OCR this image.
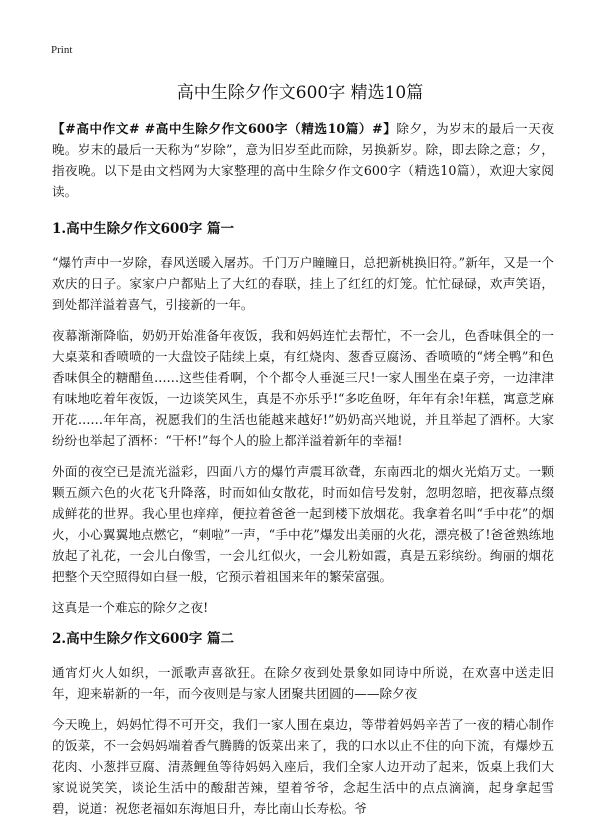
Print
高中生除夕作文600字 精选10篇

【#高中作文# #高中生除夕作文600字（精选10篇）#】除夕，为岁末的最后一天夜晚。岁末的最后一天称为“岁除”，意为旧岁至此而除，另换新岁。除，即去除之意；夕，指夜晚。以下是由文档网为大家整理的高中生除夕作文600字（精选10篇），欢迎大家阅读。

1.高中生除夕作文600字 篇一

“爆竹声中一岁除，春风送暖入屠苏。千门万户瞳瞳日，总把新桃换旧符。”新年，又是一个欢庆的日子。家家户户都贴上了大红的春联，挂上了红红的灯笼。忙忙碌碌，欢声笑语，到处都洋溢着喜气，引接新的一年。

夜幕渐渐降临，奶奶开始准备年夜饭，我和妈妈连忙去帮忙，不一会儿，色香味俱全的一大桌菜和香喷喷的一大盘饺子陆续上桌，有红烧肉、葱香豆腐汤、香喷喷的“烤全鸭”和色香味俱全的糖醋鱼……这些佳肴啊，个个都令人垂涎三尺!一家人围坐在桌子旁，一边津津有味地吃着年夜饭，一边谈笑风生，真是不亦乐乎!“多吃鱼呀，年年有余!年糕，寓意芝麻开花……年年高，祝愿我们的生活也能越来越好!”奶奶高兴地说，并且举起了酒杯。大家纷纷也举起了酒杯：“干杯!”每个人的脸上都洋溢着新年的幸福!

外面的夜空已是流光溢彩，四面八方的爆竹声震耳欲聋，东南西北的烟火光焰万丈。一颗颗五颜六色的火花飞升降落，时而如仙女散花，时而如信号发射，忽明忽暗，把夜幕点缀成鲜花的世界。我心里也痒痒，便拉着爸爸一起到楼下放烟花。我拿着名叫“手中花”的烟火，小心翼翼地点燃它，“刺啦”一声，“手中花”爆发出美丽的火花，漂亮极了!爸爸熟练地放起了礼花，一会儿白像雪，一会儿红似火，一会儿粉如霞，真是五彩缤纷。绚丽的烟花把整个天空照得如白昼一般，它预示着祖国来年的繁荣富强。

这真是一个难忘的除夕之夜!

2.高中生除夕作文600字 篇二

通宵灯火人如织，一派歌声喜欲狂。在除夕夜到处景象如同诗中所说，在欢喜中送走旧年，迎来崭新的一年，而今夜则是与家人团聚共团圆的——除夕夜

今天晚上，妈妈忙得不可开交，我们一家人围在桌边，等带着妈妈辛苦了一夜的精心制作的饭菜，不一会妈妈端着香气腾腾的饭菜出来了，我的口水以止不住的向下流，有爆炒五花肉、小葱拌豆腐、清蒸鲤鱼等待妈妈入座后，我们全家人边开动了起来，饭桌上我们大家说说笑笑，谈论生活中的酸甜苦辣，望着爷爷，念起生活中的点点滴滴，起身拿起雪碧，说道：祝您老福如东海旭日升，寿比南山长寿松。爷
